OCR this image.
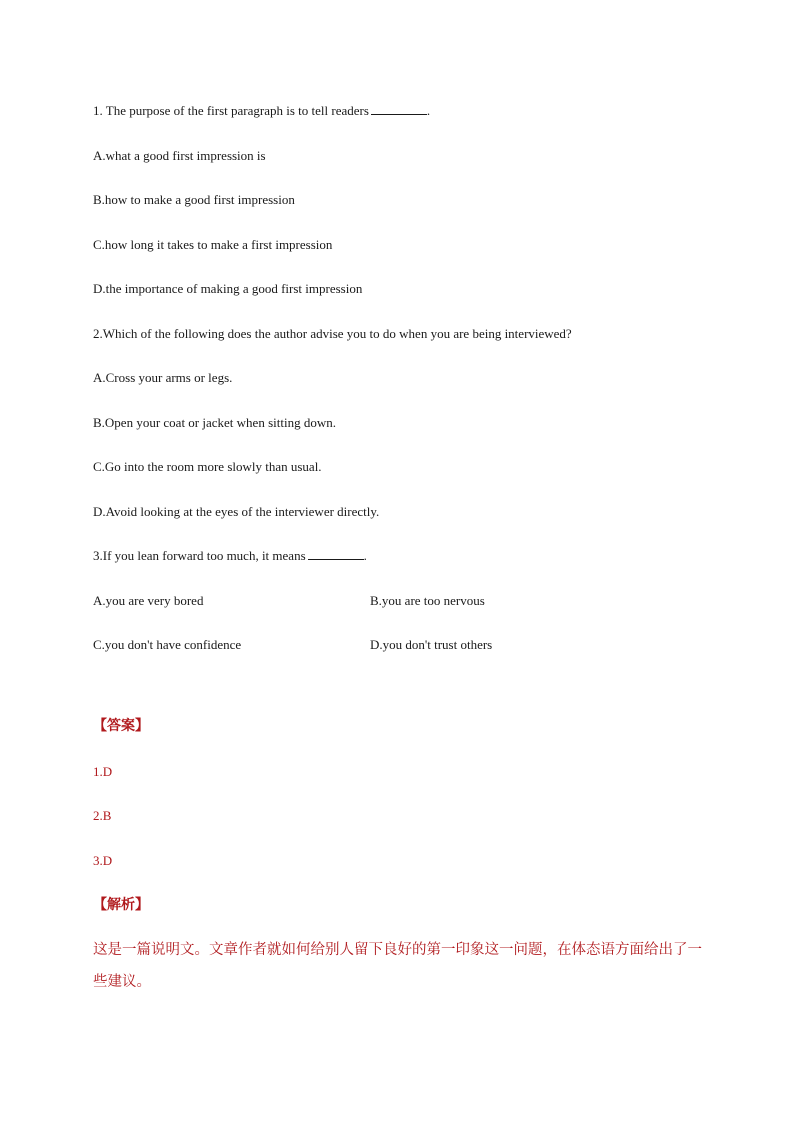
1. The purpose of the first paragraph is to tell readers	.
A.what a good first impression is
B.how to make a good first impression
C.how long it takes to make a first impression
D.the importance of making a good first impression
2.Which of the following does the author advise you to do when you are being interviewed?
A.Cross your arms or legs.
B.Open your coat or jacket when sitting down.
C.Go into the room more slowly than usual.
D.Avoid looking at the eyes of the interviewer directly.
3.If you lean forward too much, it means	.
A.you are very bored	B.you are too nervous
C.you don't have confidence	D.you don't trust others
【答案】
1.D
2.B
3.D
【解析】
这是一篇说明文。文章作者就如何给别人留下良好的第一印象这一问题，在体态语方面给出了一些建议。
